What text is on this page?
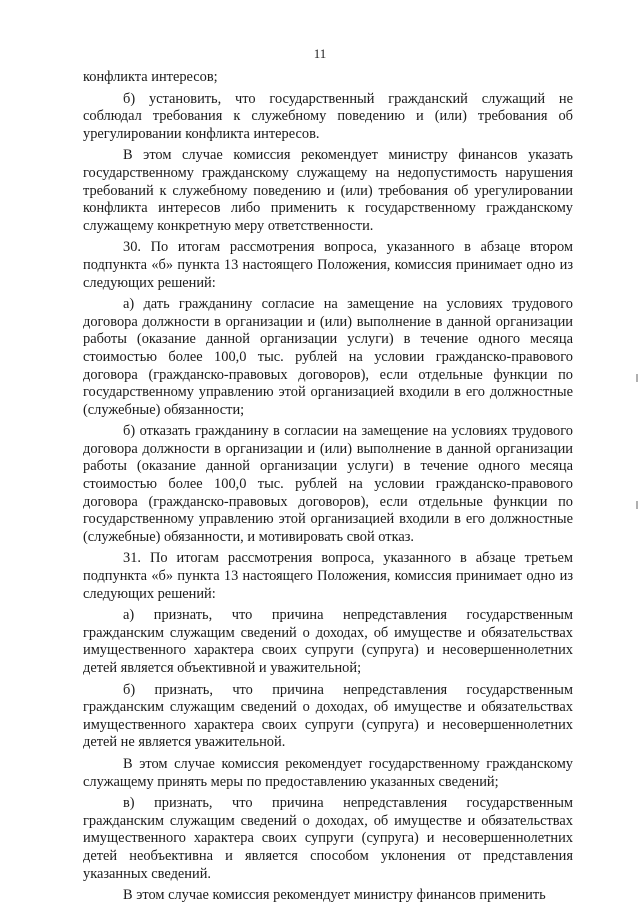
11

конфликта интересов;

б) установить, что государственный гражданский служащий не соблюдал требования к служебному поведению и (или) требования об урегулировании конфликта интересов.

В этом случае комиссия рекомендует министру финансов указать государственному гражданскому служащему на недопустимость нарушения требований к служебному поведению и (или) требования об урегулировании конфликта интересов либо применить к государственному гражданскому служащему конкретную меру ответственности.

30. По итогам рассмотрения вопроса, указанного в абзаце втором подпункта «б» пункта 13 настоящего Положения, комиссия принимает одно из следующих решений:

а) дать гражданину согласие на замещение на условиях трудового договора должности в организации и (или) выполнение в данной организации работы (оказание данной организации услуги) в течение одного месяца стоимостью более 100,0 тыс. рублей на условии гражданско-правового договора (гражданско-правовых договоров), если отдельные функции по государственному управлению этой организацией входили в его должностные (служебные) обязанности;

б) отказать гражданину в согласии на замещение на условиях трудового договора должности в организации и (или) выполнение в данной организации работы (оказание данной организации услуги) в течение одного месяца стоимостью более 100,0 тыс. рублей на условии гражданско-правового договора (гражданско-правовых договоров), если отдельные функции по государственному управлению этой организацией входили в его должностные (служебные) обязанности, и мотивировать свой отказ.

31. По итогам рассмотрения вопроса, указанного в абзаце третьем подпункта «б» пункта 13 настоящего Положения, комиссия принимает одно из следующих решений:

а) признать, что причина непредставления государственным гражданским служащим сведений о доходах, об имуществе и обязательствах имущественного характера своих супруги (супруга) и несовершеннолетних детей является объективной и уважительной;

б) признать, что причина непредставления государственным гражданским служащим сведений о доходах, об имуществе и обязательствах имущественного характера своих супруги (супруга) и несовершеннолетних детей не является уважительной.

В этом случае комиссия рекомендует государственному гражданскому служащему принять меры по предоставлению указанных сведений;

в) признать, что причина непредставления государственным гражданским служащим сведений о доходах, об имуществе и обязательствах имущественного характера своих супруги (супруга) и несовершеннолетних детей необъективна и является способом уклонения от представления указанных сведений.

В этом случае комиссия рекомендует министру финансов применить
